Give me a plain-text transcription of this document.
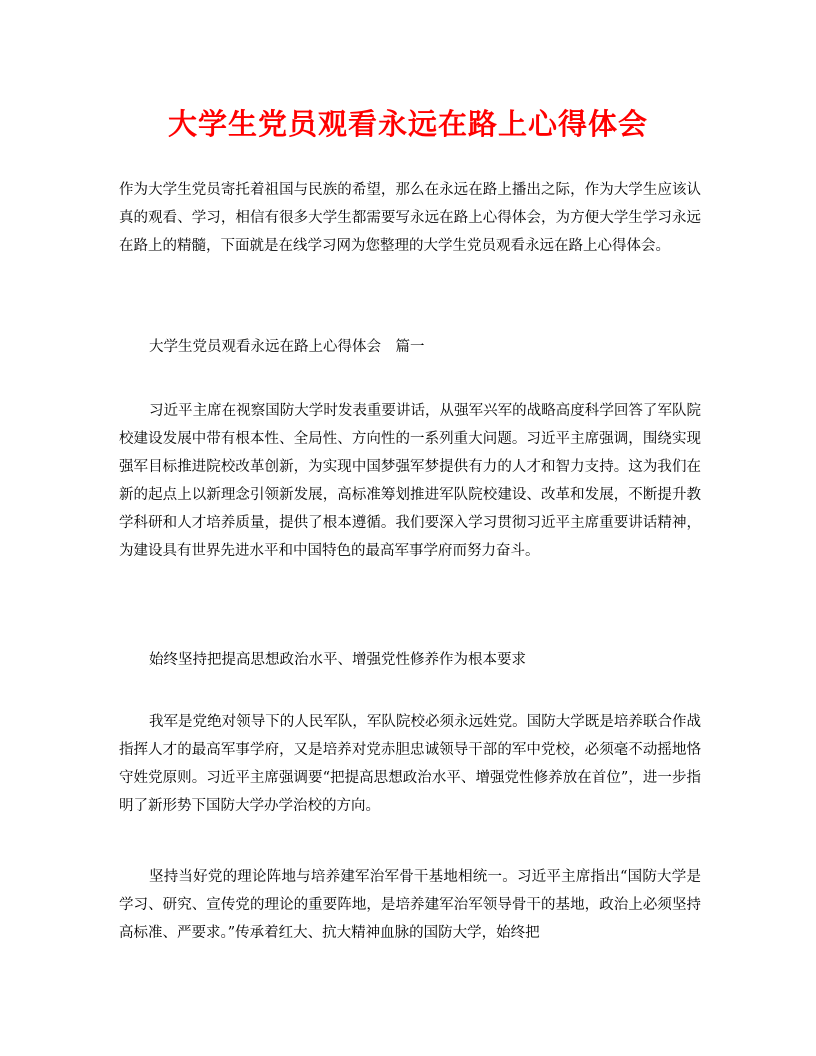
大学生党员观看永远在路上心得体会

作为大学生党员寄托着祖国与民族的希望，那么在永远在路上播出之际，作为大学生应该认真的观看、学习，相信有很多大学生都需要写永远在路上心得体会，为方便大学生学习永远在路上的精髓，下面就是在线学习网为您整理的大学生党员观看永远在路上心得体会。

大学生党员观看永远在路上心得体会　篇一

习近平主席在视察国防大学时发表重要讲话，从强军兴军的战略高度科学回答了军队院校建设发展中带有根本性、全局性、方向性的一系列重大问题。习近平主席强调，围绕实现强军目标推进院校改革创新，为实现中国梦强军梦提供有力的人才和智力支持。这为我们在新的起点上以新理念引领新发展，高标准筹划推进军队院校建设、改革和发展，不断提升教学科研和人才培养质量，提供了根本遵循。我们要深入学习贯彻习近平主席重要讲话精神，为建设具有世界先进水平和中国特色的最高军事学府而努力奋斗。

始终坚持把提高思想政治水平、增强党性修养作为根本要求

我军是党绝对领导下的人民军队，军队院校必须永远姓党。国防大学既是培养联合作战指挥人才的最高军事学府，又是培养对党赤胆忠诚领导干部的军中党校，必须毫不动摇地恪守姓党原则。习近平主席强调要“把提高思想政治水平、增强党性修养放在首位”，进一步指明了新形势下国防大学办学治校的方向。

坚持当好党的理论阵地与培养建军治军骨干基地相统一。习近平主席指出“国防大学是学习、研究、宣传党的理论的重要阵地，是培养建军治军领导骨干的基地，政治上必须坚持高标准、严要求。”传承着红大、抗大精神血脉的国防大学，始终把
